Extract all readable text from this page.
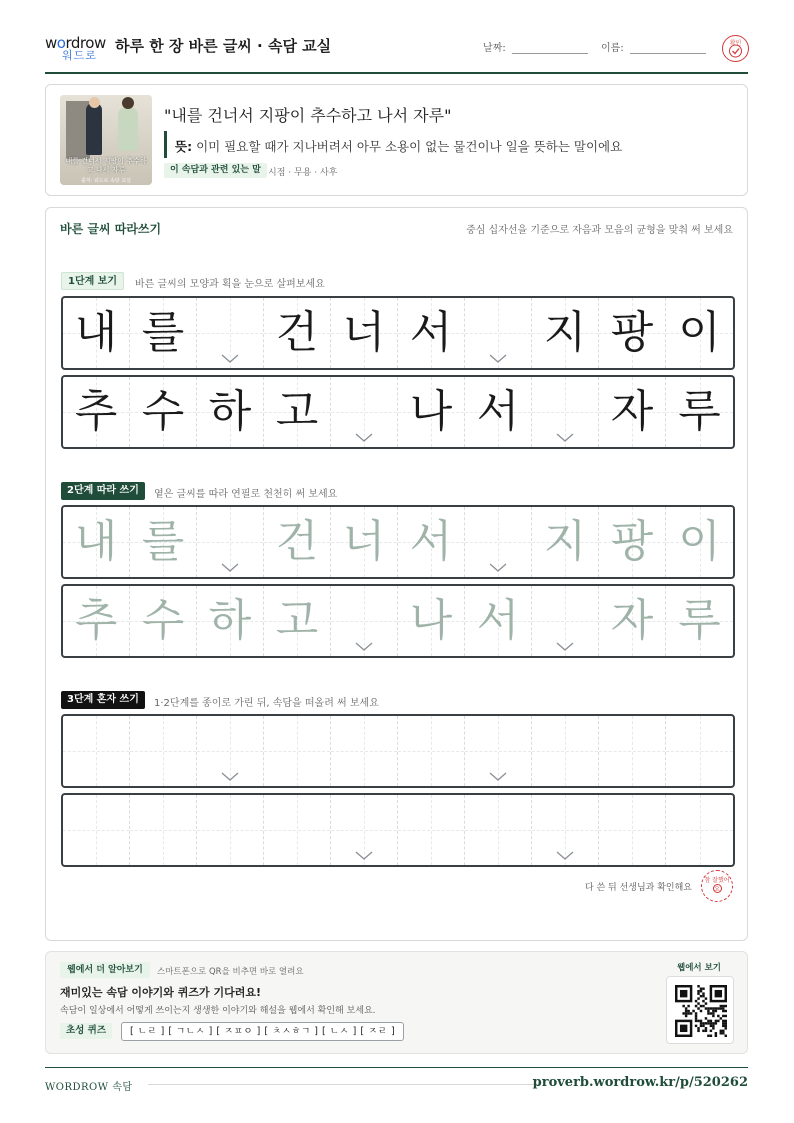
wordrow
워드로
하루 한 장 바른 글씨 · 속담 교실	날짜:	이름:	확인
내를 건너서 지팡이 추수하고 나서 자루
출처: 워드로 속담 교실
"내를 건너서 지팡이 추수하고 나서 자루"
뜻: 이미 필요할 때가 지나버려서 아무 소용이 없는 물건이나 일을 뜻하는 말이에요
이 속담과 관련 있는 말 시점 · 무용 · 사후
바른 글씨 따라쓰기	중심 십자선을 기준으로 자음과 모음의 균형을 맞춰 써 보세요
1단계 보기	바른 글씨의 모양과 획을 눈으로 살펴보세요
내 를 건 너 서 지 팡 이
추 수 하 고 나 서 자 루
2단계 따라 쓰기	옅은 글씨를 따라 연필로 천천히 써 보세요
내 를 건 너 서 지 팡 이
추 수 하 고 나 서 자 루
3단계 혼자 쓰기	1·2단계를 종이로 가린 뒤, 속담을 떠올려 써 보세요
다 쓴 뒤 선생님과 확인해요
참 잘했어요
웹에서 더 알아보기	스마트폰으로 QR을 비추면 바로 열려요
재미있는 속담 이야기와 퀴즈가 기다려요!
속담이 일상에서 어떻게 쓰이는지 생생한 이야기와 해설을 웹에서 확인해 보세요.
초성 퀴즈	[ ㄴㄹ ] [ ㄱㄴㅅ ] [ ㅈㅍㅇ ] [ ㅊㅅㅎㄱ ] [ ㄴㅅ ] [ ㅈㄹ ]
웹에서 보기
WORDROW 속담	proverb.wordrow.kr/p/520262
